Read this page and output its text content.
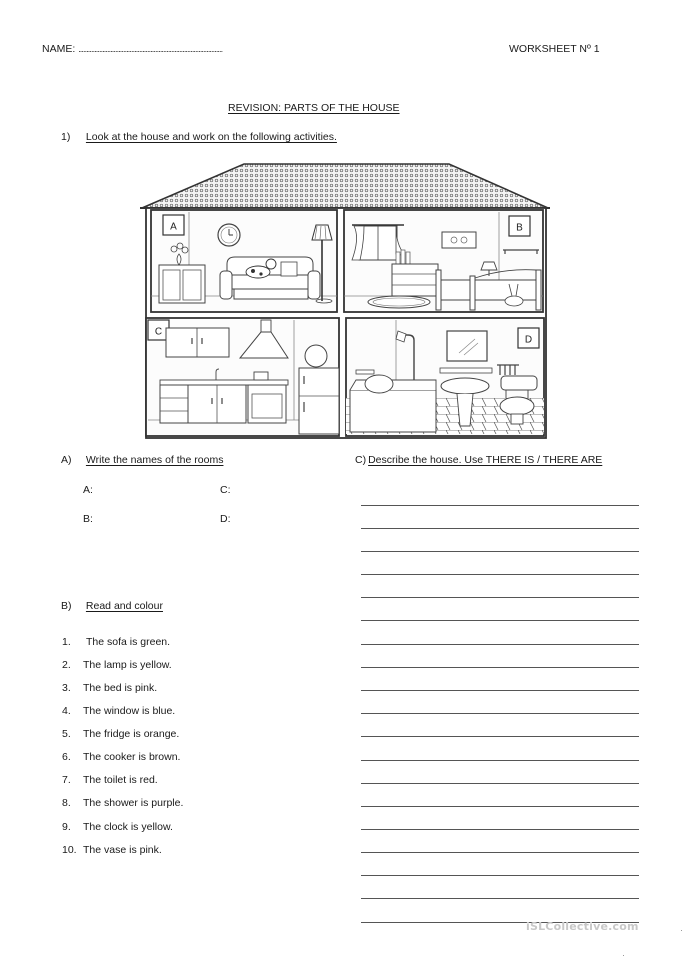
NAME: ..........................................................................................	WORKSHEET Nº 1
REVISION: PARTS OF THE HOUSE
1) Look at the house and work on the following activities.
A	B
C
D
A) Write the names of the rooms
A:	C:
B:	D:
C) Describe the house. Use THERE IS / THERE ARE
B) Read and colour
1. The sofa is green.
2. The lamp is yellow.
3. The bed is pink.
4. The window is blue.
5. The fridge is orange.
6. The cooker is brown.
7. The toilet is red.
8. The shower is purple.
9. The clock is yellow.
10. The vase is pink.
iSLCollective.com
